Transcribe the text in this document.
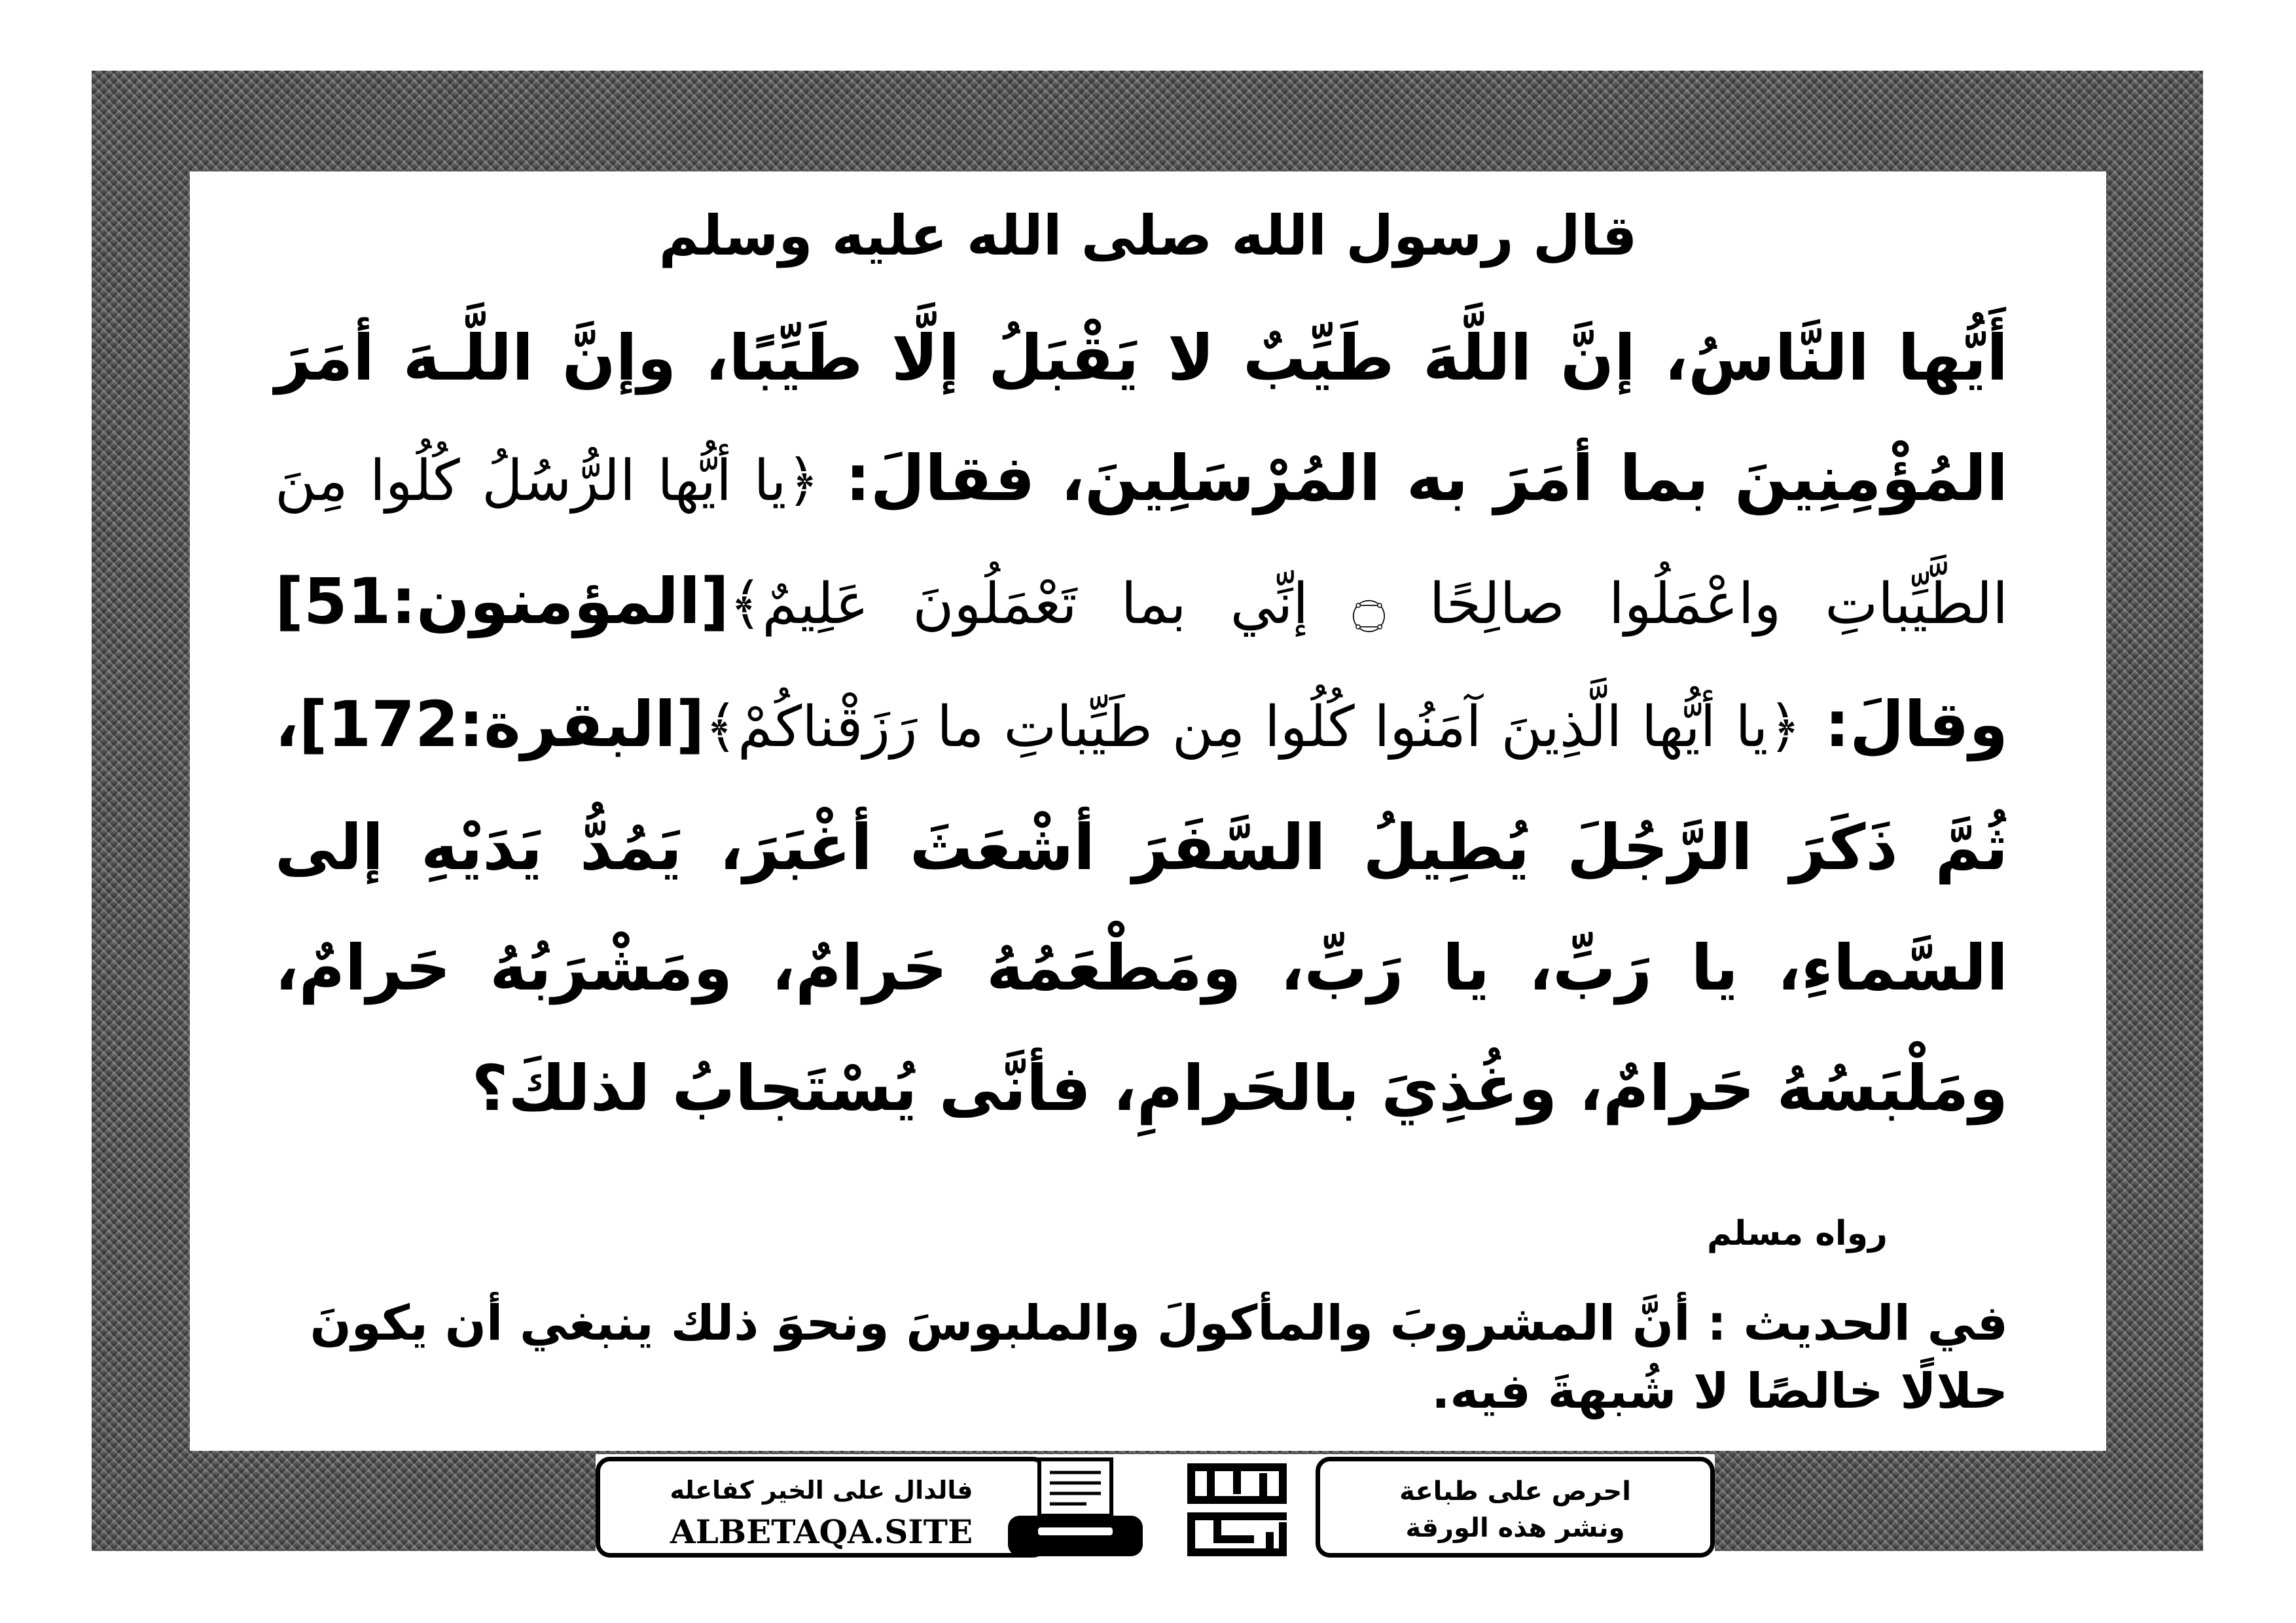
قال رسول الله صلى الله عليه وسلم
أَيُّها النَّاسُ، إنَّ اللَّهَ طَيِّبٌ لا يَقْبَلُ إلَّا طَيِّبًا، وإنَّ اللَّـهَ أمَرَ المُؤْمِنِينَ بما أمَرَ به المُرْسَلِينَ، فقالَ: ﴿يا أيُّها الرُّسُلُ كُلُوا مِنَ الطَّيِّباتِ واعْمَلُوا صالِحًا ۝ إنِّي بما تَعْمَلُونَ عَلِيمٌ﴾[المؤمنون:51] وقالَ: ﴿يا أيُّها الَّذِينَ آمَنُوا كُلُوا مِن طَيِّباتِ ما رَزَقْناكُمْ﴾[البقرة:172]، ثُمَّ ذَكَرَ الرَّجُلَ يُطِيلُ السَّفَرَ أشْعَثَ أغْبَرَ، يَمُدُّ يَدَيْهِ إلى السَّماءِ، يا رَبِّ، يا رَبِّ، ومَطْعَمُهُ حَرامٌ، ومَشْرَبُهُ حَرامٌ، ومَلْبَسُهُ حَرامٌ، وغُذِيَ بالحَرامِ، فأنَّى يُسْتَجابُ لذلكَ؟
رواه مسلم
في الحديث : أنَّ المشروبَ والمأكولَ والملبوسَ ونحوَ ذلك ينبغي أن يكونَ حلالًا خالصًا لا شُبهةَ فيه.
فالدال على الخير كفاعله
ALBETAQA.SITE
احرص على طباعة
ونشر هذه الورقة
